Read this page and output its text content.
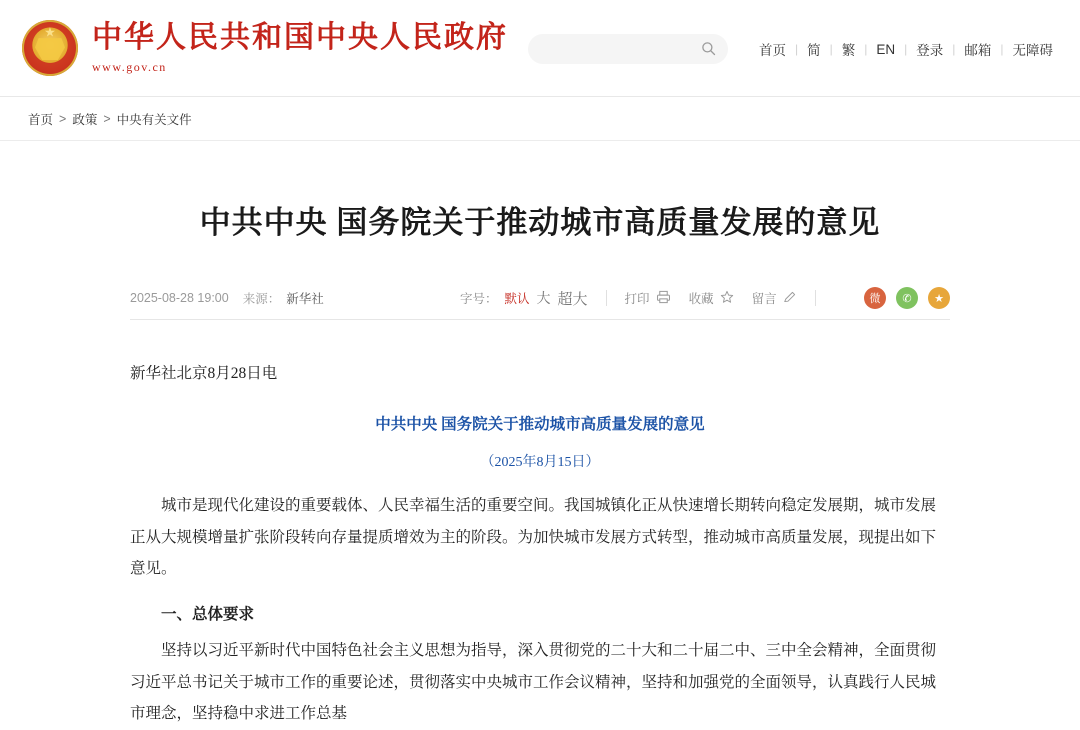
★
中华人民共和国中央人民政府
www.gov.cn
首页 | 简 | 繁 | EN | 登录 | 邮箱 | 无障碍
首页 > 政策 > 中央有关文件
中共中央 国务院关于推动城市高质量发展的意见
2025-08-28 19:00 来源： 新华社	字号： 默认 大 超大	打印	收藏	留言	微	✆	★

新华社北京8月28日电

中共中央 国务院关于推动城市高质量发展的意见

（2025年8月15日）

城市是现代化建设的重要载体、人民幸福生活的重要空间。我国城镇化正从快速增长期转向稳定发展期，城市发展正从大规模增量扩张阶段转向存量提质增效为主的阶段。为加快城市发展方式转型，推动城市高质量发展，现提出如下意见。

一、总体要求

坚持以习近平新时代中国特色社会主义思想为指导，深入贯彻党的二十大和二十届二中、三中全会精神，全面贯彻习近平总书记关于城市工作的重要论述，贯彻落实中央城市工作会议精神，坚持和加强党的全面领导，认真践行人民城市理念，坚持稳中求进工作总基
